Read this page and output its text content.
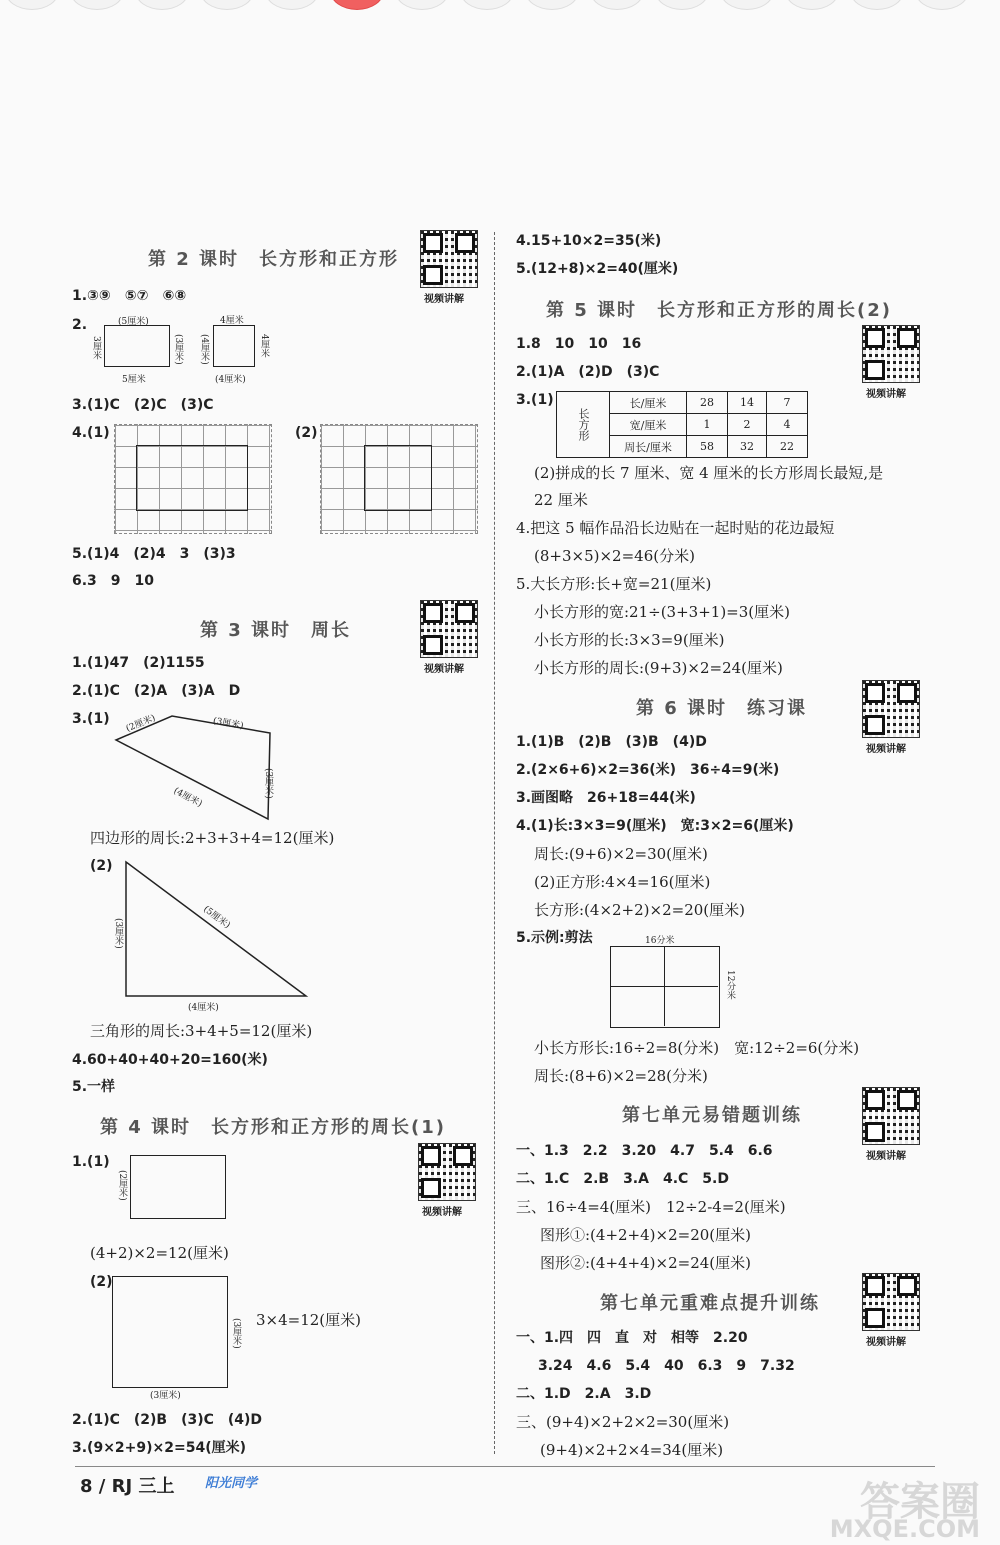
第 2 课时　长方形和正方形
视频讲解
1.③⑨　⑤⑦　⑥⑧
2.	(5厘米)
3厘米	(3厘米)
5厘米
4厘米
(4厘米)	4厘米
(4厘米)
3.(1)C　(2)C　(3)C
4.(1)	(2)
5.(1)4　(2)4　3　(3)3
6.3　9　10
第 3 课时　周长
视频讲解
1.(1)47　(2)1155
2.(1)C　(2)A　(3)A　D
3.(1) (2厘米)	(3厘米)
(3厘米)
(4厘米)
四边形的周长:2+3+3+4=12(厘米)
(2)
(3厘米)
(5厘米)
(4厘米)
三角形的周长:3+4+5=12(厘米)
4.60+40+40+20=160(米)
5.一样
第 4 课时　长方形和正方形的周长(1)
视频讲解
1.(1)
(2厘米)
(4+2)×2=12(厘米)
(2)
(3厘米)
(3厘米)
3×4=12(厘米)
2.(1)C　(2)B　(3)C　(4)D
3.(9×2+9)×2=54(厘米)
4.15+10×2=35(米)
5.(12+8)×2=40(厘米)
第 5 课时　长方形和正方形的周长(2)
视频讲解
1.8　10　10　16
2.(1)A　(2)D　(3)C
3.(1)
长方形	长/厘米	28	14	7
	宽/厘米	1	2	4
	周长/厘米	58	32	22
(2)拼成的长 7 厘米、宽 4 厘米的长方形周长最短,是
22 厘米
4.把这 5 幅作品沿长边贴在一起时贴的花边最短
(8+3×5)×2=46(分米)
5.大长方形:长+宽=21(厘米)
小长方形的宽:21÷(3+3+1)=3(厘米)
小长方形的长:3×3=9(厘米)
小长方形的周长:(9+3)×2=24(厘米)
第 6 课时　练习课
视频讲解
1.(1)B　(2)B　(3)B　(4)D
2.(2×6+6)×2=36(米)　36÷4=9(米)
3.画图略　26+18=44(米)
4.(1)长:3×3=9(厘米)　宽:3×2=6(厘米)
周长:(9+6)×2=30(厘米)
(2)正方形:4×4=16(厘米)
长方形:(4×2+2)×2=20(厘米)
5.示例:剪法	16分米
12分米
小长方形长:16÷2=8(分米)　宽:12÷2=6(分米)
周长:(8+6)×2=28(分米)
第七单元易错题训练
视频讲解
一、1.3　2.2　3.20　4.7　5.4　6.6
二、1.C　2.B　3.A　4.C　5.D
三、16÷4=4(厘米)　12÷2-4=2(厘米)
图形①:(4+2+4)×2=20(厘米)
图形②:(4+4+4)×2=24(厘米)
第七单元重难点提升训练
视频讲解
一、1.四　四　直　对　相等　2.20
3.24　4.6　5.4　40　6.3　9　7.32
二、1.D　2.A　3.D
三、(9+4)×2+2×2=30(厘米)
(9+4)×2+2×4=34(厘米)
8 / RJ 三上 阳光同学	答案圈
MXQE.COM
